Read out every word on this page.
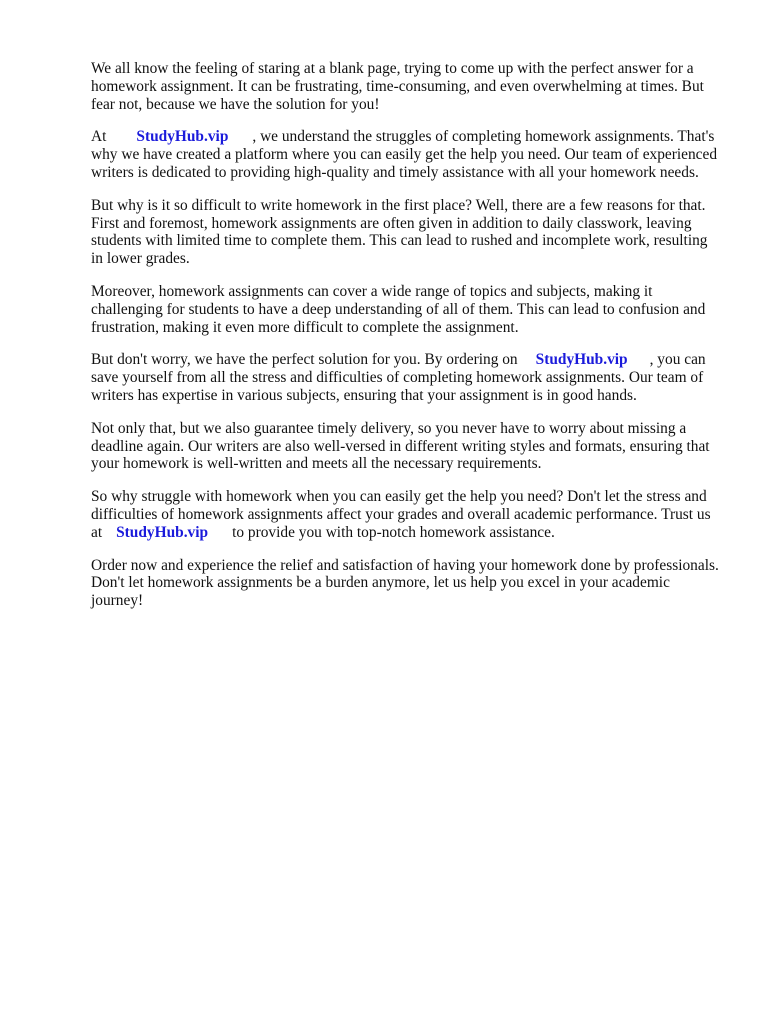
We all know the feeling of staring at a blank page, trying to come up with the perfect answer for a homework assignment. It can be frustrating, time-consuming, and even overwhelming at times. But fear not, because we have the solution for you!

At StudyHub.vip , we understand the struggles of completing homework assignments. That's why we have created a platform where you can easily get the help you need. Our team of experienced writers is dedicated to providing high-quality and timely assistance with all your homework needs.

But why is it so difficult to write homework in the first place? Well, there are a few reasons for that. First and foremost, homework assignments are often given in addition to daily classwork, leaving students with limited time to complete them. This can lead to rushed and incomplete work, resulting in lower grades.

Moreover, homework assignments can cover a wide range of topics and subjects, making it challenging for students to have a deep understanding of all of them. This can lead to confusion and frustration, making it even more difficult to complete the assignment.

But don't worry, we have the perfect solution for you. By ordering on StudyHub.vip , you can save yourself from all the stress and difficulties of completing homework assignments. Our team of writers has expertise in various subjects, ensuring that your assignment is in good hands.

Not only that, but we also guarantee timely delivery, so you never have to worry about missing a deadline again. Our writers are also well-versed in different writing styles and formats, ensuring that your homework is well-written and meets all the necessary requirements.

So why struggle with homework when you can easily get the help you need? Don't let the stress and difficulties of homework assignments affect your grades and overall academic performance. Trust us at StudyHub.vip to provide you with top-notch homework assistance.

Order now and experience the relief and satisfaction of having your homework done by professionals. Don't let homework assignments be a burden anymore, let us help you excel in your academic journey!
